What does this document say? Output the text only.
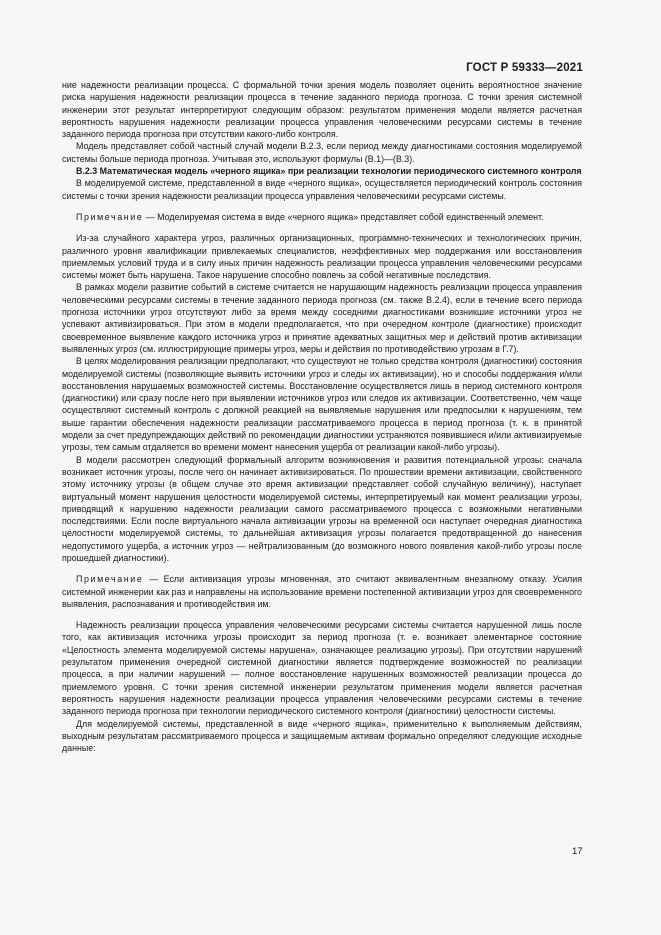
ГОСТ Р 59333—2021

ние надежности реализации процесса. С формальной точки зрения модель позволяет оценить вероятностное значение риска нарушения надежности реализации процесса в течение заданного периода прогноза. С точки зрения системной инженерии этот результат интерпретируют следующим образом: результатом применения модели является расчетная вероятность нарушения надежности реализации процесса управления человеческими ресурсами системы в течение заданного периода прогноза при отсутствии какого-либо контроля.

Модель представляет собой частный случай модели В.2.3, если период между диагностиками состояния моделируемой системы больше периода прогноза. Учитывая это, используют формулы (В.1)—(В.3).

В.2.3 Математическая модель «черного ящика» при реализации технологии периодического системного контроля

В моделируемой системе, представленной в виде «черного ящика», осуществляется периодический контроль состояния системы с точки зрения надежности реализации процесса управления человеческими ресурсами системы.

Примечание — Моделируемая система в виде «черного ящика» представляет собой единственный элемент.

Из-за случайного характера угроз, различных организационных, программно-технических и технологических причин, различного уровня квалификации привлекаемых специалистов, неэффективных мер поддержания или восстановления приемлемых условий труда и в силу иных причин надежность реализации процесса управления человеческими ресурсами системы может быть нарушена. Такое нарушение способно повлечь за собой негативные последствия.

В рамках модели развитие событий в системе считается не нарушающим надежность реализации процесса управления человеческими ресурсами системы в течение заданного периода прогноза (см. также В.2.4), если в течение всего периода прогноза источники угроз отсутствуют либо за время между соседними диагностиками возникшие источники угроз не успевают активизироваться. При этом в модели предполагается, что при очередном контроле (диагностике) происходит своевременное выявление каждого источника угроз и принятие адекватных защитных мер и действий против активизации выявленных угроз (см. иллюстрирующие примеры угроз, меры и действия по противодействию угрозам в Г.7).

В целях моделирования реализации предполагают, что существуют не только средства контроля (диагностики) состояния моделируемой системы (позволяющие выявить источники угроз и следы их активизации), но и способы поддержания и/или восстановления нарушаемых возможностей системы. Восстановление осуществляется лишь в период системного контроля (диагностики) или сразу после него при выявлении источников угроз или следов их активизации. Соответственно, чем чаще осуществляют системный контроль с должной реакцией на выявляемые нарушения или предпосылки к нарушениям, тем выше гарантии обеспечения надежности реализации рассматриваемого процесса в период прогноза (т. к. в принятой модели за счет предупреждающих действий по рекомендации диагностики устраняются появившиеся и/или активизируемые угрозы, тем самым отдаляется во времени момент нанесения ущерба от реализации какой-либо угрозы).

В модели рассмотрен следующий формальный алгоритм возникновения и развития потенциальной угрозы: сначала возникает источник угрозы, после чего он начинает активизироваться. По прошествии времени активизации, свойственного этому источнику угрозы (в общем случае это время активизации представляет собой случайную величину), наступает виртуальный момент нарушения целостности моделируемой системы, интерпретируемый как момент реализации угрозы, приводящий к нарушению надежности реализации самого рассматриваемого процесса с возможными негативными последствиями. Если после виртуального начала активизации угрозы на временной оси наступает очередная диагностика целостности моделируемой системы, то дальнейшая активизация угрозы полагается предотвращенной до нанесения недопустимого ущерба, а источник угроз — нейтрализованным (до возможного нового появления какой-либо угрозы после прошедшей диагностики).

Примечание — Если активизация угрозы мгновенная, это считают эквивалентным внезапному отказу. Усилия системной инженерии как раз и направлены на использование времени постепенной активизации угроз для своевременного выявления, распознавания и противодействия им.

Надежность реализации процесса управления человеческими ресурсами системы считается нарушенной лишь после того, как активизация источника угрозы происходит за период прогноза (т. е. возникает элементарное состояние «Целостность элемента моделируемой системы нарушена», означающее реализацию угрозы). При отсутствии нарушений результатом применения очередной системной диагностики является подтверждение возможностей по реализации процесса, а при наличии нарушений — полное восстановление нарушенных возможностей реализации процесса до приемлемого уровня. С точки зрения системной инженерии результатом применения модели является расчетная вероятность нарушения надежности реализации процесса управления человеческими ресурсами системы в течение заданного периода прогноза при технологии периодического системного контроля (диагностики) целостности системы.

Для моделируемой системы, представленной в виде «черного ящика», применительно к выполняемым действиям, выходным результатам рассматриваемого процесса и защищаемым активам формально определяют следующие исходные данные:

17
